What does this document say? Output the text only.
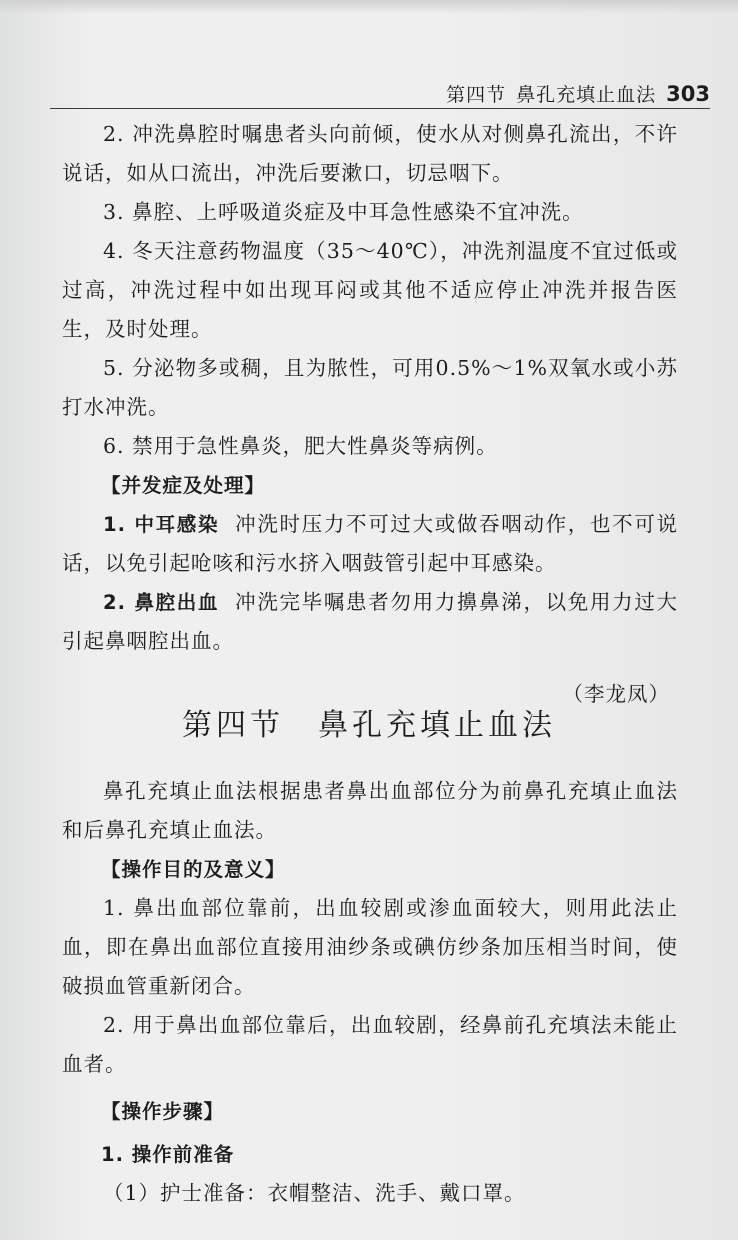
第四节 鼻孔充填止血法 303

2. 冲洗鼻腔时嘱患者头向前倾，使水从对侧鼻孔流出，不许说话，如从口流出，冲洗后要漱口，切忌咽下。

3. 鼻腔、上呼吸道炎症及中耳急性感染不宜冲洗。

4. 冬天注意药物温度（35～40℃），冲洗剂温度不宜过低或过高，冲洗过程中如出现耳闷或其他不适应停止冲洗并报告医生，及时处理。

5. 分泌物多或稠，且为脓性，可用0.5%～1%双氧水或小苏打水冲洗。

6. 禁用于急性鼻炎，肥大性鼻炎等病例。

【并发症及处理】

1. 中耳感染 冲洗时压力不可过大或做吞咽动作，也不可说话，以免引起呛咳和污水挤入咽鼓管引起中耳感染。

2. 鼻腔出血 冲洗完毕嘱患者勿用力擤鼻涕，以免用力过大引起鼻咽腔出血。

（李龙凤）

第四节 鼻孔充填止血法

鼻孔充填止血法根据患者鼻出血部位分为前鼻孔充填止血法和后鼻孔充填止血法。

【操作目的及意义】

1. 鼻出血部位靠前，出血较剧或渗血面较大，则用此法止血，即在鼻出血部位直接用油纱条或碘仿纱条加压相当时间，使破损血管重新闭合。

2. 用于鼻出血部位靠后，出血较剧，经鼻前孔充填法未能止血者。

【操作步骤】

1. 操作前准备

（1）护士准备：衣帽整洁、洗手、戴口罩。
